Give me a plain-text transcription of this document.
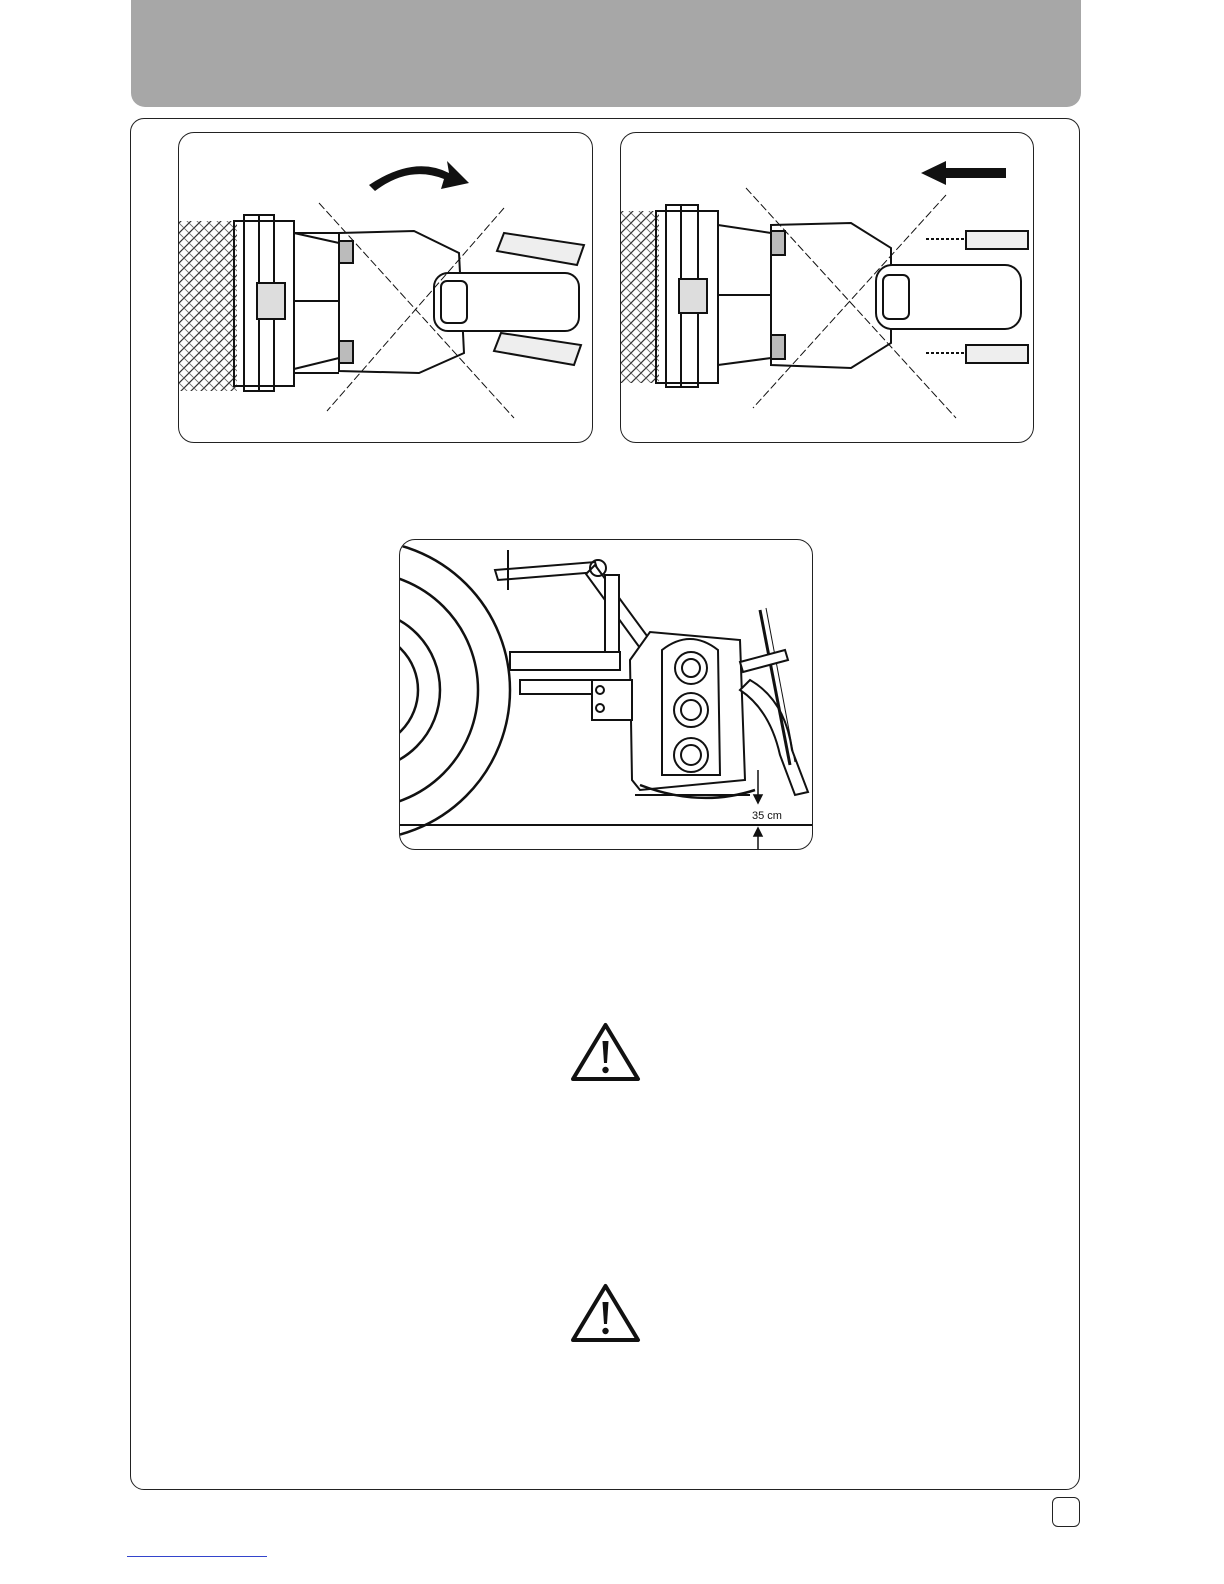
35 cm
